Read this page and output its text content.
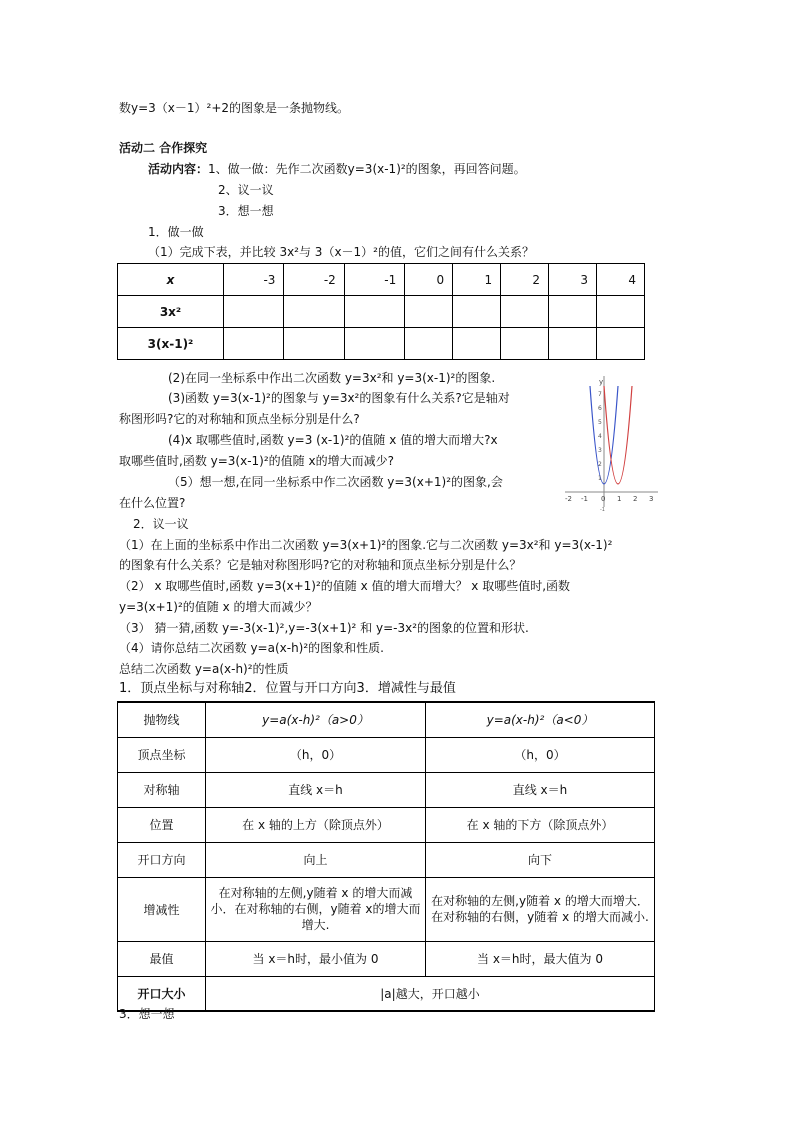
数y=3（x－1）²+2的图象是一条抛物线。
活动二 合作探究
活动内容：1、做一做：先作二次函数y=3(x-1)²的图象，再回答问题。
2、议一议
3．想一想
1．做一做
（1）完成下表，并比较 3x²与 3（x－1）²的值，它们之间有什么关系？
x	-3	-2	-1	0	1	2	3	4
3x²								
3(x-1)²								
(2)在同一坐标系中作出二次函数 y=3x²和 y=3(x-1)²的图象.
(3)函数 y=3(x-1)²的图象与 y=3x²的图象有什么关系?它是轴对
称图形吗?它的对称轴和顶点坐标分别是什么?
(4)x 取哪些值时,函数 y=3 (x-1)²的值随 x 值的增大而增大?x
取哪些值时,函数 y=3(x-1)²的值随 x的增大而减少?
（5）想一想,在同一坐标系中作二次函数 y=3(x+1)²的图象,会
在什么位置?
y
7
6
5
4
3
2
1
-2 -1 0 1 2 3
-1
2．议一议
（1）在上面的坐标系中作出二次函数 y=3(x+1)²的图象.它与二次函数 y=3x²和 y=3(x-1)²
的图象有什么关系？它是轴对称图形吗?它的对称轴和顶点坐标分别是什么？
（2） x 取哪些值时,函数 y=3(x+1)²的值随 x 值的增大而增大？ x 取哪些值时,函数
y=3(x+1)²的值随 x 的增大而减少？
（3） 猜一猜,函数 y=-3(x-1)²,y=-3(x+1)² 和 y=-3x²的图象的位置和形状.
（4）请你总结二次函数 y=a(x-h)²的图象和性质.
总结二次函数 y=a(x-h)²的性质
1．顶点坐标与对称轴2．位置与开口方向3．增减性与最值
抛物线	y=a(x-h)²（a>0）	y=a(x-h)²（a<0）
顶点坐标	（h，0）	（h，0）
对称轴	直线 x＝h	直线 x＝h
位置	在 x 轴的上方（除顶点外）	在 x 轴的下方（除顶点外）
开口方向	向上	向下
增减性	在对称轴的左侧,y随着 x 的增大而减小．在对称轴的右侧，y随着 x的增大而增大.	在对称轴的左侧,y随着 x 的增大而增大．在对称轴的右侧，y随着 x 的增大而减小.
最值	当 x＝h时，最小值为 0	当 x＝h时，最大值为 0
开口大小	|a|越大，开口越小	
3．想一想
